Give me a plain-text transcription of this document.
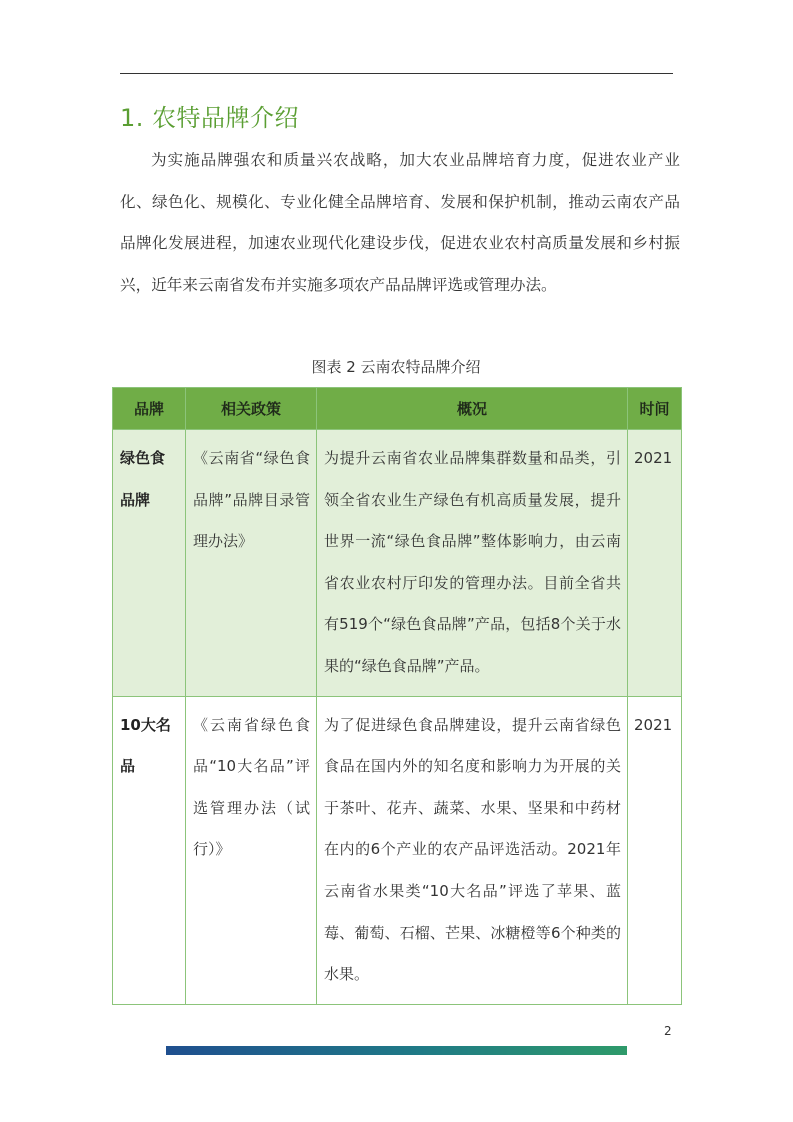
1. 农特品牌介绍

为实施品牌强农和质量兴农战略，加大农业品牌培育力度，促进农业产业化、绿色化、规模化、专业化健全品牌培育、发展和保护机制，推动云南农产品品牌化发展进程，加速农业现代化建设步伐，促进农业农村高质量发展和乡村振兴，近年来云南省发布并实施多项农产品品牌评选或管理办法。

图表 2 云南农特品牌介绍
品牌	相关政策	概况	时间
绿色食品牌	《云南省“绿色食品牌”品牌目录管理办法》	为提升云南省农业品牌集群数量和品类，引领全省农业生产绿色有机高质量发展，提升世界一流“绿色食品牌”整体影响力，由云南省农业农村厅印发的管理办法。目前全省共有519个“绿色食品牌”产品，包括8个关于水果的“绿色食品牌”产品。	2021
10大名品	《云南省绿色食品“10大名品”评选管理办法（试行）》	为了促进绿色食品牌建设，提升云南省绿色食品在国内外的知名度和影响力为开展的关于茶叶、花卉、蔬菜、水果、坚果和中药材在内的6个产业的农产品评选活动。2021年云南省水果类“10大名品”评选了苹果、蓝莓、葡萄、石榴、芒果、冰糖橙等6个种类的水果。	2021
2
